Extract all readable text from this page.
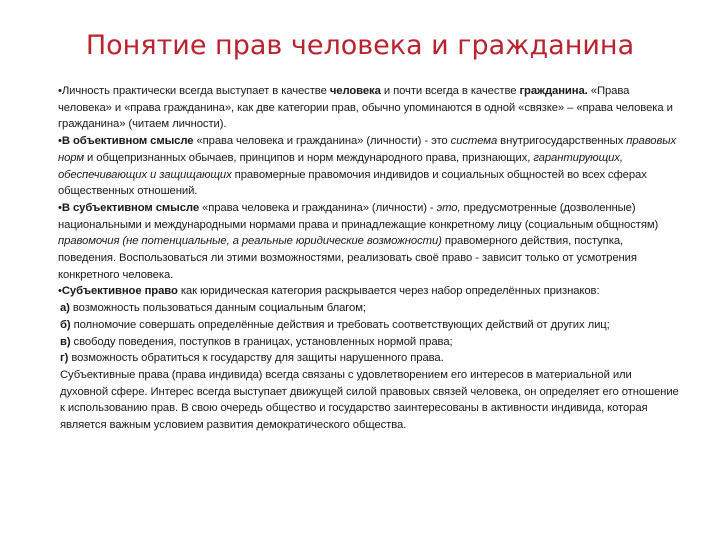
Понятие прав человека и гражданина

•Личность практически всегда выступает в качестве человека и почти всегда в качестве гражданина. «Права человека» и «права гражданина», как две категории прав, обычно упоминаются в одной «связке» – «права человека и гражданина» (читаем личности).

•В объективном смысле «права человека и гражданина» (личности) - это система внутригосударственных правовых норм и общепризнанных обычаев, принципов и норм международного права, признающих, гарантирующих, обеспечивающих и защищающих правомерные правомочия индивидов и социальных общностей во всех сферах общественных отношений.

•В субъективном смысле «права человека и гражданина» (личности) - это, предусмотренные (дозволенные) национальными и международными нормами права и принадлежащие конкретному лицу (социальным общностям) правомочия (не потенциальные, а реальные юридические возможности) правомерного действия, поступка, поведения. Воспользоваться ли этими возможностями, реализовать своё право - зависит только от усмотрения конкретного человека.

•Субъективное право как юридическая категория раскрывается через набор определённых признаков:

а) возможность пользоваться данным социальным благом;

б) полномочие совершать определённые действия и требовать соответствующих действий от других лиц;

в) свободу поведения, поступков в границах, установленных нормой права;

г) возможность обратиться к государству для защиты нарушенного права.

Субъективные права (права индивида) всегда связаны с удовлетворением его интересов в материальной или духовной сфере. Интерес всегда выступает движущей силой правовых связей человека, он определяет его отношение к использованию прав. В свою очередь общество и государство заинтересованы в активности индивида, которая является важным условием развития демократического общества.
